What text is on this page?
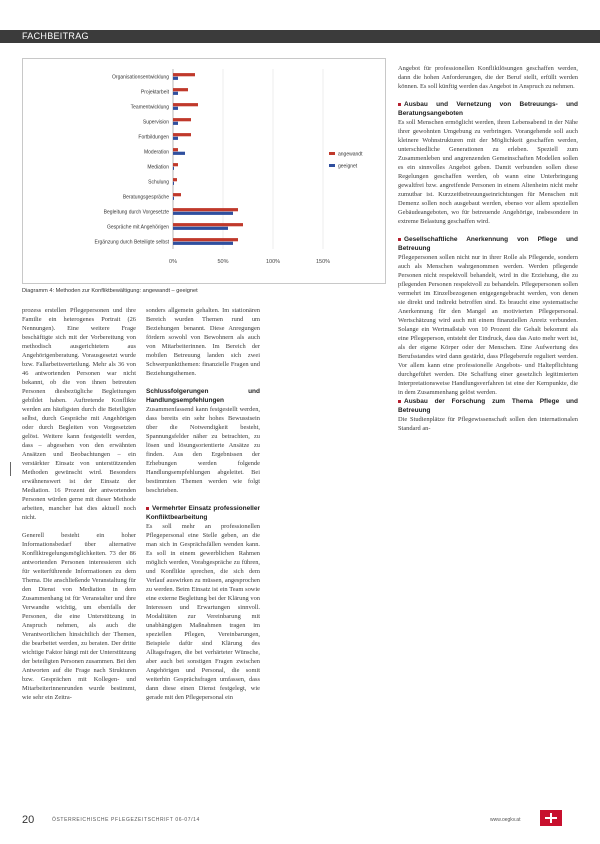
FACHBEITRAG
0%	50%	100%	150%
Organisationsentwicklung
Projektarbeit
Teamentwicklung
Supervision
Fortbildungen
Moderation
Mediation
Schulung
Beratungsgespräche
Begleitung durch Vorgesetzte
Gespräche mit Angehörigen
Ergänzung durch Beteiligte selbst
angewandt
geeignet
Diagramm 4: Methoden zur Konfliktbewältigung: angewandt – geeignet

prozess erstellen Pflegepersonen und ihre Familie ein heterogenes Portrait (26 Nennungen). Eine weitere Frage beschäftigte sich mit der Vorbereitung von methodisch ausgerichtetem aus Angehörigenberatung. Vorausgesetzt wurde bzw. Fallarbeitsverteilung. Mehr als 36 von 46 antwortenden Personen war nicht bekannt, ob die von ihnen betreuten Personen diesbezügliche Begleitungen gebildet haben. Auftretende Konflikte werden am häufigsten durch die Beteiligten selbst, durch Gespräche mit Angehörigen oder durch Begleiten von Vorgesetzten gelöst. Weitere kann festgestellt werden, dass – abgesehen von den erwähnten Ansätzen und Beobachtungen – ein verstärkter Einsatz von unterstützenden Methoden gewünscht wird. Besonders erwähnenswert ist der Einsatz der Mediation. 16 Prozent der antwortenden Personen würden gerne mit dieser Methode arbeiten, mancher hat dies aktuell noch nicht.

Generell besteht ein hoher Informationsbedarf über alternative Konfliktregelungsmöglichkeiten. 73 der 86 antwortenden Personen interessieren sich für weiterführende Informationen zu dem Thema. Die anschließende Veranstaltung für den Dienst von Mediation in dem Zusammenhang ist für Veranstalter und ihre Verwandte wichtig, um ebenfalls der Personen, die eine Unterstützung in Anspruch nehmen, als auch die Verantwortlichen hinsichtlich der Themen, die bearbeitet werden, zu beraten. Der dritte wichtige Faktor hängt mit der Unterstützung der beteiligten Personen zusammen. Bei den Antworten auf die Frage nach Strukturen bzw. Gesprächen mit Kollegen- und Mitarbeiterinnenrunden wurde bestimmt, wie sehr ein Zeitra-

sonders allgemein gehalten. Im stationären Bereich wurden Themen rund um Beziehungen benannt. Diese Anregungen fördern sowohl von Bewohnern als auch von Mitarbeiterinnen. Im Bereich der mobilen Betreuung landen sich zwei Schwerpunktthemen: finanzielle Fragen und Beziehungsthemen.

Schlussfolgerungen und Handlungsempfehlungen

Zusammenfassend kann festgestellt werden, dass bereits ein sehr hohes Bewusstsein über die Notwendigkeit besteht, Spannungsfelder näher zu betrachten, zu lösen und lösungsorientierte Ansätze zu finden. Aus den Ergebnissen der Erhebungen werden folgende Handlungsempfehlungen abgeleitet. Bei bestimmten Themen werden wie folgt beschrieben.

Vermehrter Einsatz professioneller Konfliktbearbeitung

Es soll mehr an professionellen Pflegepersonal eine Stelle geben, an die man sich in Gesprächsfällen wenden kann. Es soll in einem gewerblichen Rahmen möglich werden, Vorabgespräche zu führen, und Konflikte sprechen, die sich dem Verlauf auswirken zu müssen, angesprochen zu werden. Beim Einsatz ist ein Team sowie eine externe Begleitung bei der Klärung von Interessen und Erwartungen sinnvoll. Modalitäten zur Vereinbarung mit unabhängigen Maßnahmen tragen im speziellen Pflegen, Vereinbarungen, Beispiele dafür sind Klärung des Alltagsfragen, die bei verhärteter Wünsche, aber auch bei sonstigen Fragen zwischen Angehörigen und Personal, die somit weiterhin Gesprächsfragen umfassen, dass dann diese einen Dienst festgelegt, wie gerade mit den Pflegepersonal ein

Angebot für professionellen Konfliktlösungen geschaffen werden, dann die hohen Anforderungen, die der Beruf stellt, erfüllt werden können. Es soll künftig werden das Angebot in Anspruch zu nehmen.

Ausbau und Vernetzung von Betreuungs- und Beratungsangeboten

Es soll Menschen ermöglicht werden, ihren Lebensabend in der Nähe ihrer gewohnten Umgebung zu verbringen. Vorangehende soll auch kleinere Wohnstrukturen mit der Möglichkeit geschaffen werden, unterschiedliche Generationen zu erleben. Speziell zum Zusammenleben und angrenzenden Gemeinschaften Modellen sollen es ein sinnvolles Angebot geben. Damit verbunden sollen diese Regelungen geschaffen werden, ob wann eine Unterbringung gewaltfrei bzw. angreifende Personen in einem Altenheim nicht mehr zumutbar ist. Kurzzeitbetreuungseinrichtungen für Menschen mit Demenz sollen noch ausgebaut werden, ebenso vor allem speziellen Gebäudeangeboten, wo für betreuende Angehörige, insbesondere in extreme Belastung geschaffen wird.

Gesellschaftliche Anerkennung von Pflege und Betreuung

Pflegepersonen sollen nicht nur in ihrer Rolle als Pflegende, sondern auch als Menschen wahrgenommen werden. Werden pflegende Personen nicht respektvoll behandelt, wird in die Erziehung, die zu pflegenden Personen respektvoll zu behandeln. Pflegepersonen sollen vermehrt im Einzelbezogenen entgegengebracht werden, von denen sie direkt und indirekt betroffen sind. Es braucht eine systematische Anerkennung für den Mangel an motivierten Pflegepersonal. Wertschätzung wird auch mit einem finanziellen Anreiz verbunden. Solange ein Wertmaßstab von 10 Prozent die Gehalt bekommt als eine Pflegeperson, entsteht der Eindruck, dass das Auto mehr wert ist, als der eigene Körper oder der Menschen. Eine Aufwertung des Berufsstandes wird dann gestärkt, dass Pflegeberufe reguliert werden. Vor allem kann eine professionelle Angebots- und Haltepflichtung durchgeführt werden. Die Schaffung einer gesetzlich legitimierten Interpretationsweise Handlungsverfahren ist eine der Kernpunkte, die in dem Zusammenhang gelöst werden.

Ausbau der Forschung zum Thema Pflege und Betreuung

Die Studienplätze für Pflegewissenschaft sollen den internationalen Standard an-

20	ÖSTERREICHISCHE PFLEGEZEITSCHRIFT 06-07/14	www.oegkv.at
